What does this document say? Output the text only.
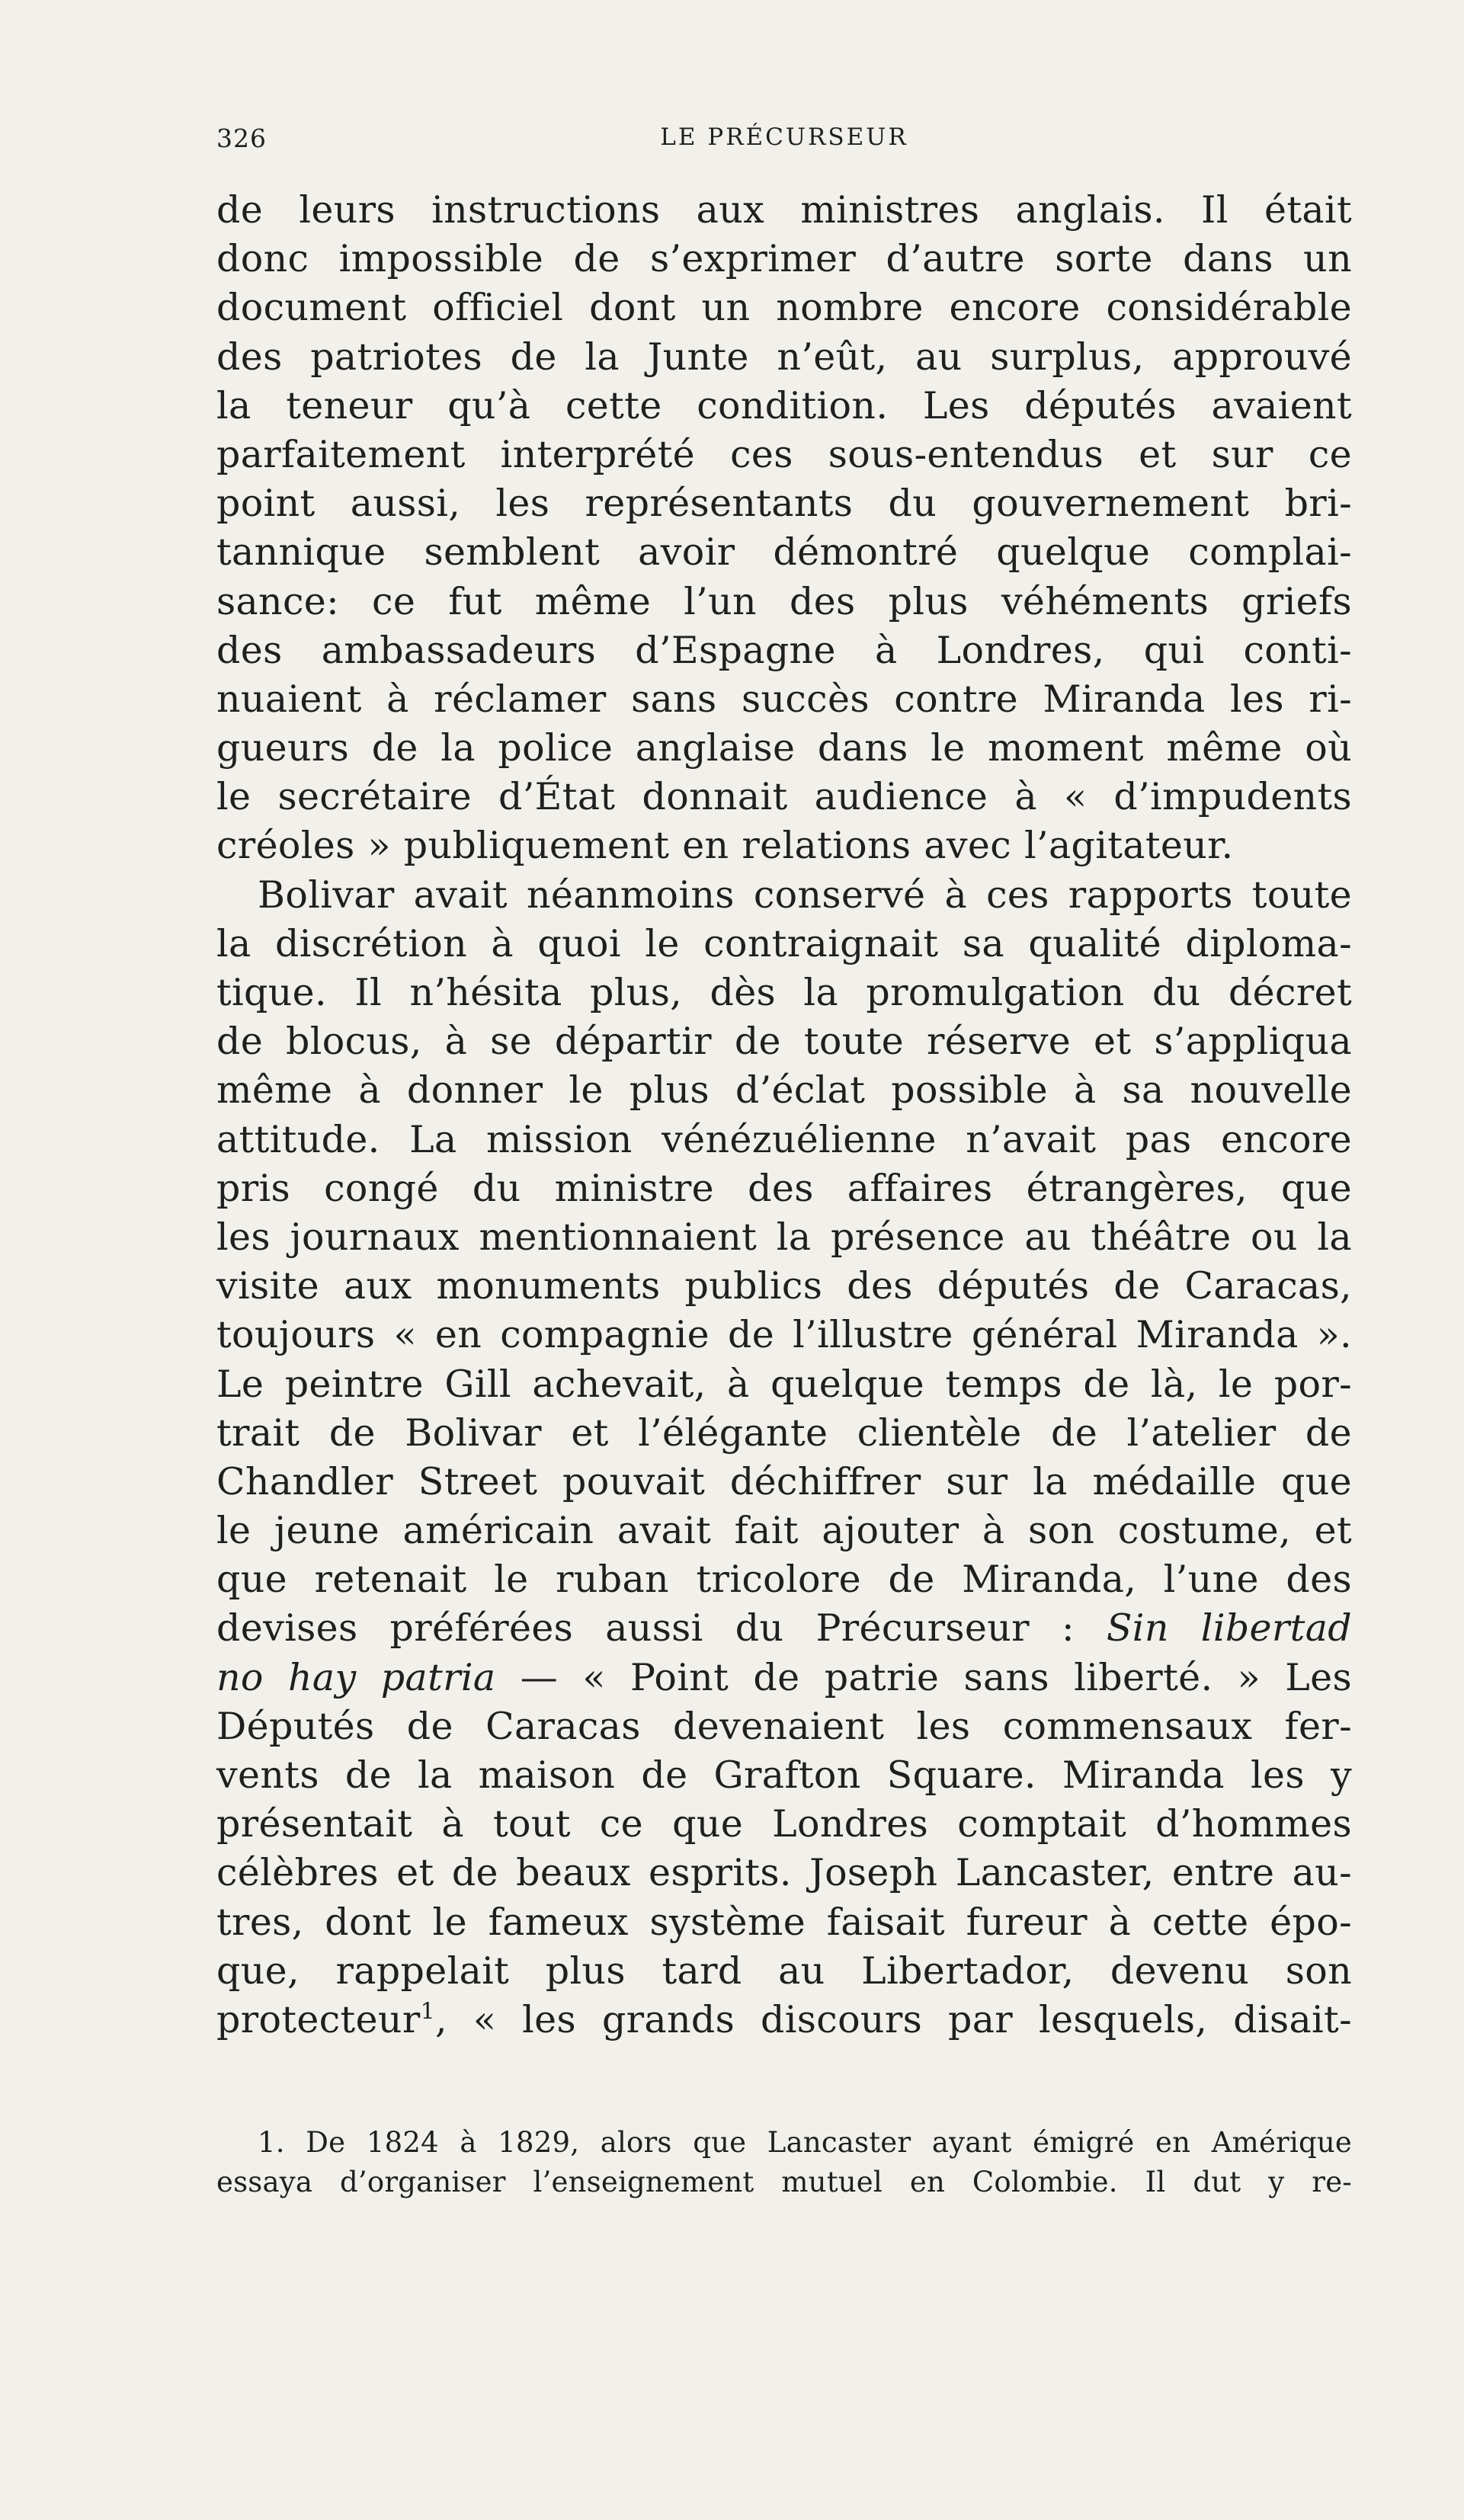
326	LE PRÉCURSEUR
de leurs instructions aux ministres anglais. Il était
donc impossible de s’exprimer d’autre sorte dans un
document officiel dont un nombre encore considérable
des patriotes de la Junte n’eût, au surplus, approuvé
la teneur qu’à cette condition. Les députés avaient
parfaitement interprété ces sous-entendus et sur ce
point aussi, les représentants du gouvernement bri-
tannique semblent avoir démontré quelque complai-
sance: ce fut même l’un des plus véhéments griefs
des ambassadeurs d’Espagne à Londres, qui conti-
nuaient à réclamer sans succès contre Miranda les ri-
gueurs de la police anglaise dans le moment même où
le secrétaire d’État donnait audience à « d’impudents
créoles » publiquement en relations avec l’agitateur.
Bolivar avait néanmoins conservé à ces rapports toute
la discrétion à quoi le contraignait sa qualité diploma-
tique. Il n’hésita plus, dès la promulgation du décret
de blocus, à se départir de toute réserve et s’appliqua
même à donner le plus d’éclat possible à sa nouvelle
attitude. La mission vénézuélienne n’avait pas encore
pris congé du ministre des affaires étrangères, que
les journaux mentionnaient la présence au théâtre ou la
visite aux monuments publics des députés de Caracas,
toujours « en compagnie de l’illustre général Miranda ».
Le peintre Gill achevait, à quelque temps de là, le por-
trait de Bolivar et l’élégante clientèle de l’atelier de
Chandler Street pouvait déchiffrer sur la médaille que
le jeune américain avait fait ajouter à son costume, et
que retenait le ruban tricolore de Miranda, l’une des
devises préférées aussi du Précurseur : Sin libertad
no hay patria — « Point de patrie sans liberté. » Les
Députés de Caracas devenaient les commensaux fer-
vents de la maison de Grafton Square. Miranda les y
présentait à tout ce que Londres comptait d’hommes
célèbres et de beaux esprits. Joseph Lancaster, entre au-
tres, dont le fameux système faisait fureur à cette épo-
que, rappelait plus tard au Libertador, devenu son
protecteur$^1$, « les grands discours par lesquels, disait-
1. De 1824 à 1829, alors que Lancaster ayant émigré en Amérique
essaya d’organiser l’enseignement mutuel en Colombie. Il dut y re-
